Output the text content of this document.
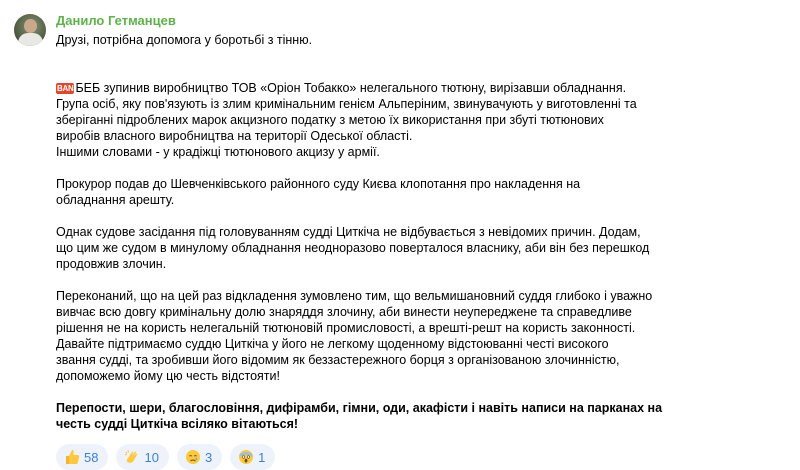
Данило Гетманцев
Друзі, потрібна допомога у боротьбі з тінню.

BAN БЕБ зупинив виробництво ТОВ «Оріон Тобакко» нелегального тютюну, вирізавши обладнання.
Група осіб, яку пов'язують із злим кримінальним генієм Альперіним, звинувачують у виготовленні та
зберіганні підроблених марок акцизного податку з метою їх використання при збуті тютюнових
виробів власного виробництва на території Одеської області.
Іншими словами - у крадіжці тютюнового акцизу у армії.

Прокурор подав до Шевченківського районного суду Києва клопотання про накладення на
обладнання арешту.
Однак судове засідання під головуванням судді Циткіча не відбувається з невідомих причин. Додам,
що цим же судом в минулому обладнання неодноразово поверталося власнику, аби він без перешкод
продовжив злочин.
Переконаний, що на цей раз відкладення зумовлено тим, що вельмишановний суддя глибоко і уважно
вивчає всю довгу кримінальну долю знаряддя злочину, аби винести неупереджене та справедливе
рішення не на користь нелегальній тютюновій промисловості, а врешті-решт на користь законності.
Давайте підтримаємо суддю Циткіча у його не легкому щоденному відстоюванні честі високого
звання судді, та зробивши його відомим як беззастережного борця з організованою злочинністю,
допоможемо йому цю честь відстояти!
Перепости, шери, благословіння, дифірамби, гімни, оди, акафісти і навіть написи на парканах на
честь судді Циткіча всіляко вітаються!
58	10	3	1
